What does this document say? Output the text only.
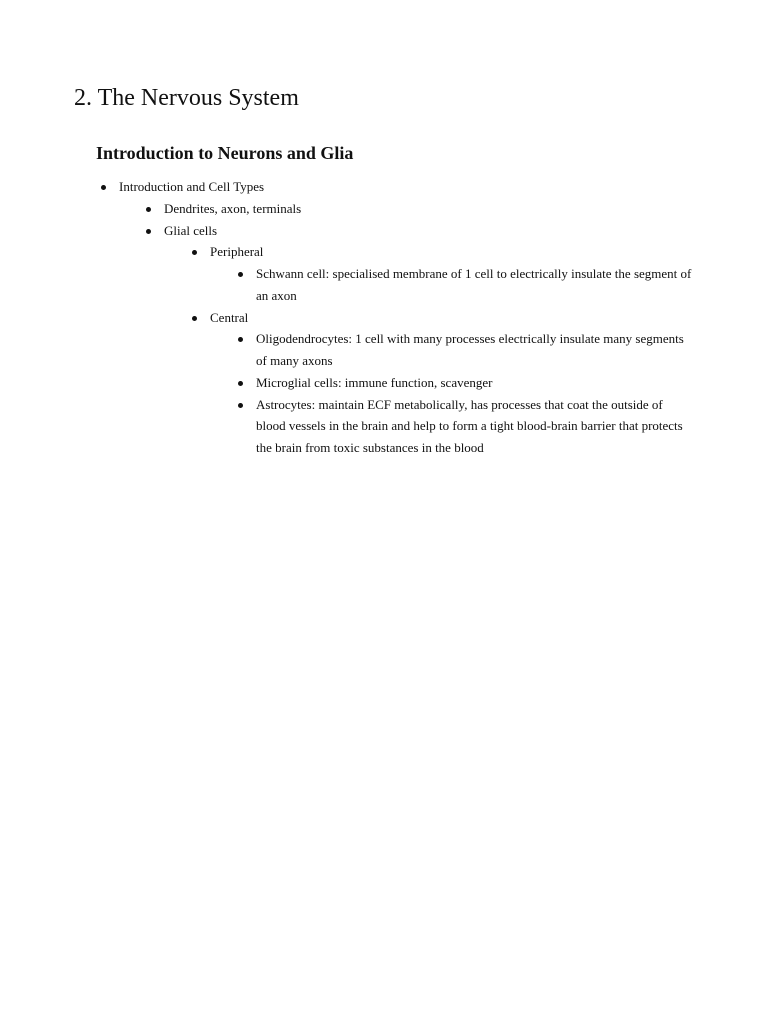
2. The Nervous System
Introduction to Neurons and Glia
Introduction and Cell Types
Dendrites, axon, terminals
Glial cells
Peripheral
Schwann cell: specialised membrane of 1 cell to electrically insulate the segment of an axon
Central
Oligodendrocytes: 1 cell with many processes electrically insulate many segments of many axons
Microglial cells: immune function, scavenger
Astrocytes: maintain ECF metabolically, has processes that coat the outside of blood vessels in the brain and help to form a tight blood-brain barrier that protects the brain from toxic substances in the blood
